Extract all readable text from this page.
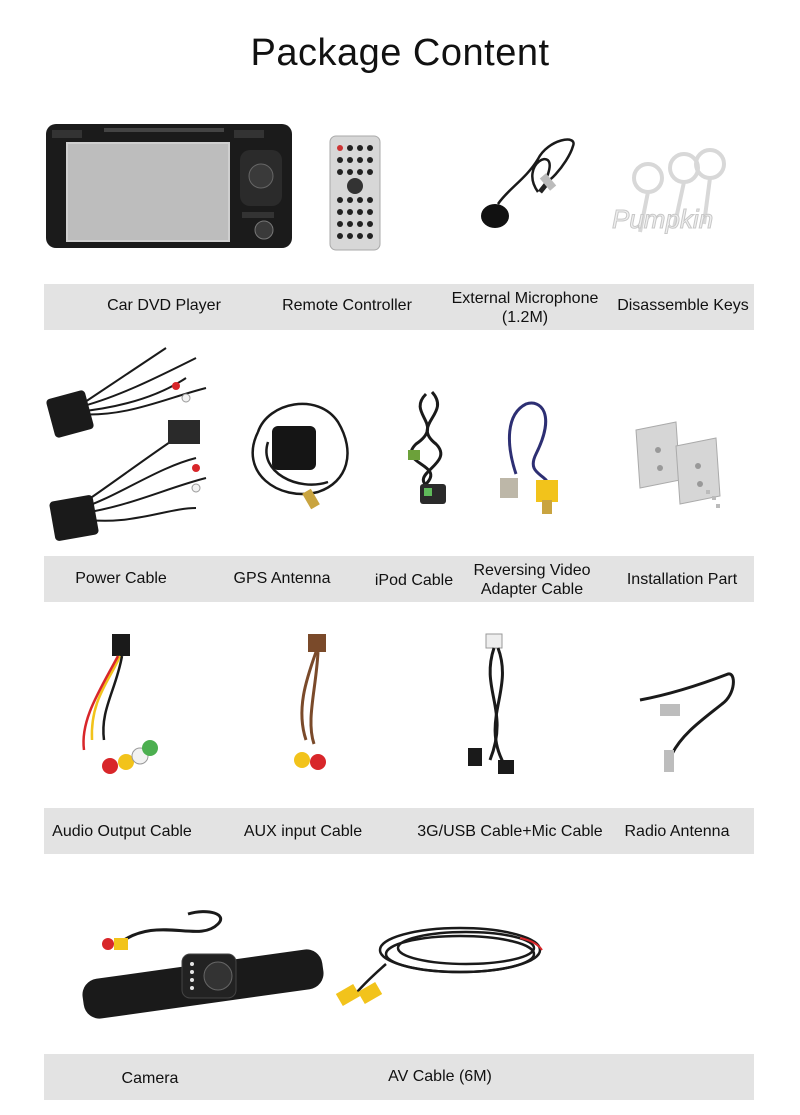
Package Content
Pumpkin
Car DVD Player	Remote Controller	External Microphone
(1.2M)
Disassemble Keys
Power Cable	GPS Antenna	iPod Cable
Reversing Video
Adapter Cable
Installation Part
Audio Output Cable	AUX input Cable	3G/USB Cable+Mic Cable	Radio Antenna
Camera	AV Cable (6M)
